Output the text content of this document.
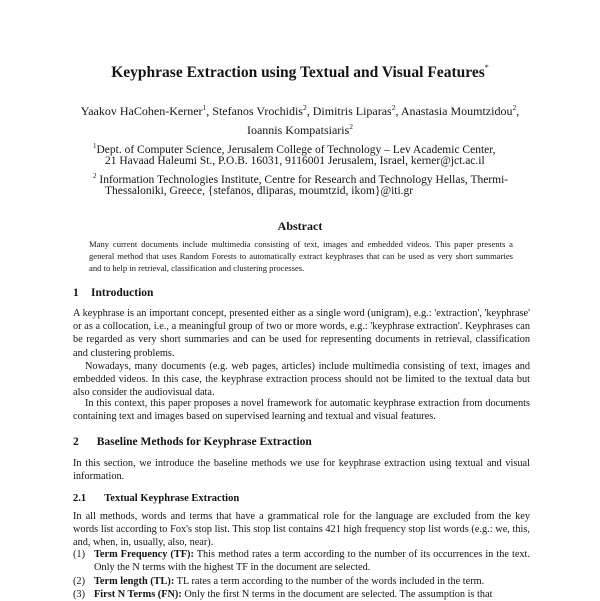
Keyphrase Extraction using Textual and Visual Features*
Yaakov HaCohen-Kerner$^1$, Stefanos Vrochidis$^2$, Dimitris Liparas$^2$, Anastasia Moumtzidou$^2$,
Ioannis Kompatsiaris$^2$
$^1$Dept. of Computer Science, Jerusalem College of Technology – Lev Academic Center,
21 Havaad Haleumi St., P.O.B. 16031, 9116001 Jerusalem, Israel, kerner@jct.ac.il
$^2$ Information Technologies Institute, Centre for Research and Technology Hellas, Thermi-
Thessaloniki, Greece, {stefanos, dliparas, moumtzid, ikom}@iti.gr
Abstract
Many current documents include multimedia consisting of text, images and embedded videos. This paper presents a general method that uses Random Forests to automatically extract keyphrases that can be used as very short summaries and to help in retrieval, classification and clustering processes.
1 Introduction
A keyphrase is an important concept, presented either as a single word (unigram), e.g.: 'extraction', 'keyphrase' or as a collocation, i.e., a meaningful group of two or more words, e.g.: 'keyphrase extraction'. Keyphrases can be regarded as very short summaries and can be used for representing documents in retrieval, classification and clustering problems.
Nowadays, many documents (e.g. web pages, articles) include multimedia consisting of text, images and embedded videos. In this case, the keyphrase extraction process should not be limited to the textual data but also consider the audiovisual data.
In this context, this paper proposes a novel framework for automatic keyphrase extraction from documents containing text and images based on supervised learning and textual and visual features.
2 Baseline Methods for Keyphrase Extraction
In this section, we introduce the baseline methods we use for keyphrase extraction using textual and visual information.
2.1 Textual Keyphrase Extraction
In all methods, words and terms that have a grammatical role for the language are excluded from the key words list according to Fox's stop list. This stop list contains 421 high frequency stop list words (e.g.: we, this, and, when, in, usually, also, near).
(1) Term Frequency (TF): This method rates a term according to the number of its occurrences in the text. Only the N terms with the highest TF in the document are selected.
(2) Term length (TL): TL rates a term according to the number of the words included in the term.
(3) First N Terms (FN): Only the first N terms in the document are selected. The assumption is that
